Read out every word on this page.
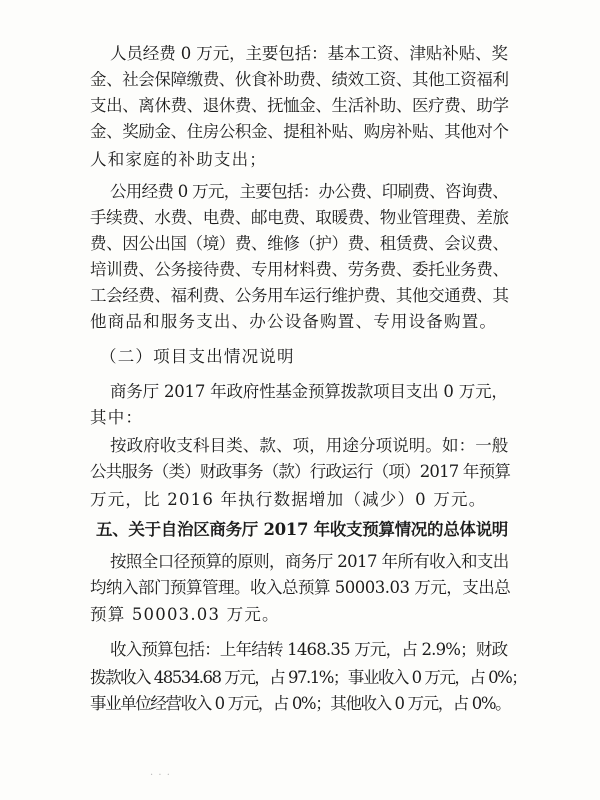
人员经费 0 万元，主要包括：基本工资、津贴补贴、奖
金、社会保障缴费、伙食补助费、绩效工资、其他工资福利
支出、离休费、退休费、抚恤金、生活补助、医疗费、助学
金、奖励金、住房公积金、提租补贴、购房补贴、其他对个
人和家庭的补助支出；
公用经费 0 万元，主要包括：办公费、印刷费、咨询费、
手续费、水费、电费、邮电费、取暖费、物业管理费、差旅
费、因公出国（境）费、维修（护）费、租赁费、会议费、
培训费、公务接待费、专用材料费、劳务费、委托业务费、
工会经费、福利费、公务用车运行维护费、其他交通费、其
他商品和服务支出、办公设备购置、专用设备购置。
（二）项目支出情况说明
商务厅 2017 年政府性基金预算拨款项目支出 0 万元，
其中：
按政府收支科目类、款、项，用途分项说明。如：一般
公共服务（类）财政事务（款）行政运行（项）2017 年预算
万元，比 2016 年执行数据增加（减少）0 万元。
五、关于自治区商务厅 2017 年收支预算情况的总体说明
按照全口径预算的原则，商务厅 2017 年所有收入和支出
均纳入部门预算管理。收入总预算 50003.03 万元，支出总
预算 50003.03 万元。
收入预算包括：上年结转 1468.35 万元，占 2.9%；财政
拨款收入 48534.68 万元，占 97.1%；事业收入 0 万元，占 0%；
事业单位经营收入 0 万元，占 0%；其他收入 0 万元，占 0%。
· · ·
